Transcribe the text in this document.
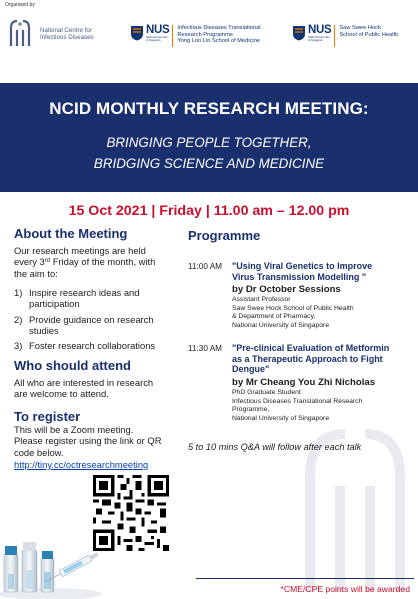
Organised by
National Centre for
Infectious Diseases
NUS
National University
of Singapore
Infectious Diseases Translational
Research Programme
Yong Loo Lin School of Medicine
NUS
National University
of Singapore
Saw Swee Hock
School of Public Health
NCID MONTHLY RESEARCH MEETING:
BRINGING PEOPLE TOGETHER,
BRIDGING SCIENCE AND MEDICINE
15 Oct 2021 | Friday | 11.00 am – 12.00 pm
About the Meeting
Our research meetings are held
every 3rd Friday of the month, with
the aim to:
1) Inspire research ideas and
participation
2) Provide guidance on research
studies
3) Foster research collaborations
Who should attend
All who are interested in research
are welcome to attend.
To register
This will be a Zoom meeting.
Please register using the link or QR
code below.
http://tiny.cc/octresearchmeeting
Programme
11:00 AM "Using Viral Genetics to Improve
Virus Transmission Modelling "
by Dr October Sessions
Assistant Professor
Saw Swee Hock School of Public Health
& Department of Pharmacy,
National University of Singapore
11:30 AM "Pre-clinical Evaluation of Metformin
as a Therapeutic Approach to Fight
Dengue"
by Mr Cheang You Zhi Nicholas
PhD Graduate Student
Infectious Diseases Translational Research
Programme,
National University of Singapore
5 to 10 mins Q&A will follow after each talk
*CME/CPE points will be awarded
